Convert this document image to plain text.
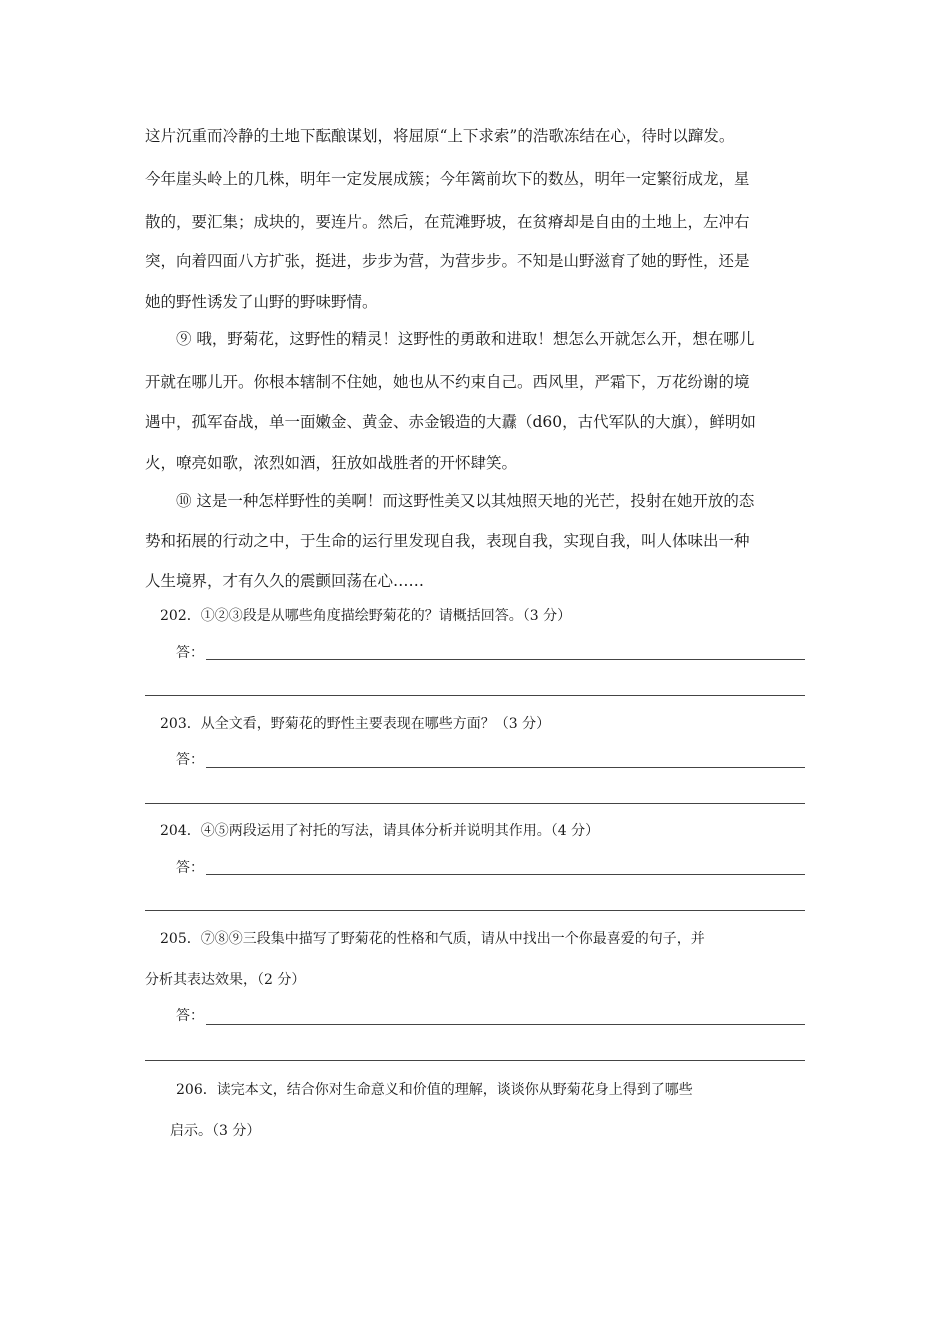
这片沉重而冷静的土地下酝酿谋划，将屈原“上下求索”的浩歌冻结在心，待时以蹿发。
今年崖头岭上的几株，明年一定发展成簇；今年篱前坎下的数丛，明年一定繁衍成龙，星
散的，要汇集；成块的，要连片。然后，在荒滩野坡，在贫瘠却是自由的土地上，左冲右
突，向着四面八方扩张，挺进，步步为营，为营步步。不知是山野滋育了她的野性，还是
她的野性诱发了山野的野味野情。
⑨ 哦，野菊花，这野性的精灵！这野性的勇敢和进取！想怎么开就怎么开，想在哪儿
开就在哪儿开。你根本辖制不住她，她也从不约束自己。西风里，严霜下，万花纷谢的境
遇中，孤军奋战，单一面嫩金、黄金、赤金锻造的大纛（d60，古代军队的大旗），鲜明如
火，嘹亮如歌，浓烈如酒，狂放如战胜者的开怀肆笑。
⑩ 这是一种怎样野性的美啊！而这野性美又以其烛照天地的光芒，投射在她开放的态
势和拓展的行动之中，于生命的运行里发现自我，表现自我，实现自我，叫人体味出一种
人生境界，才有久久的震颤回荡在心……
202．①②③段是从哪些角度描绘野菊花的？请概括回答。（3 分）
答：
203．从全文看，野菊花的野性主要表现在哪些方面？（3 分）
答：
204．④⑤两段运用了衬托的写法，请具体分析并说明其作用。（4 分）
答：
205．⑦⑧⑨三段集中描写了野菊花的性格和气质，请从中找出一个你最喜爱的句子，并
分析其表达效果，（2 分）
答：
206．读完本文，结合你对生命意义和价值的理解，谈谈你从野菊花身上得到了哪些
启示。（3 分）
